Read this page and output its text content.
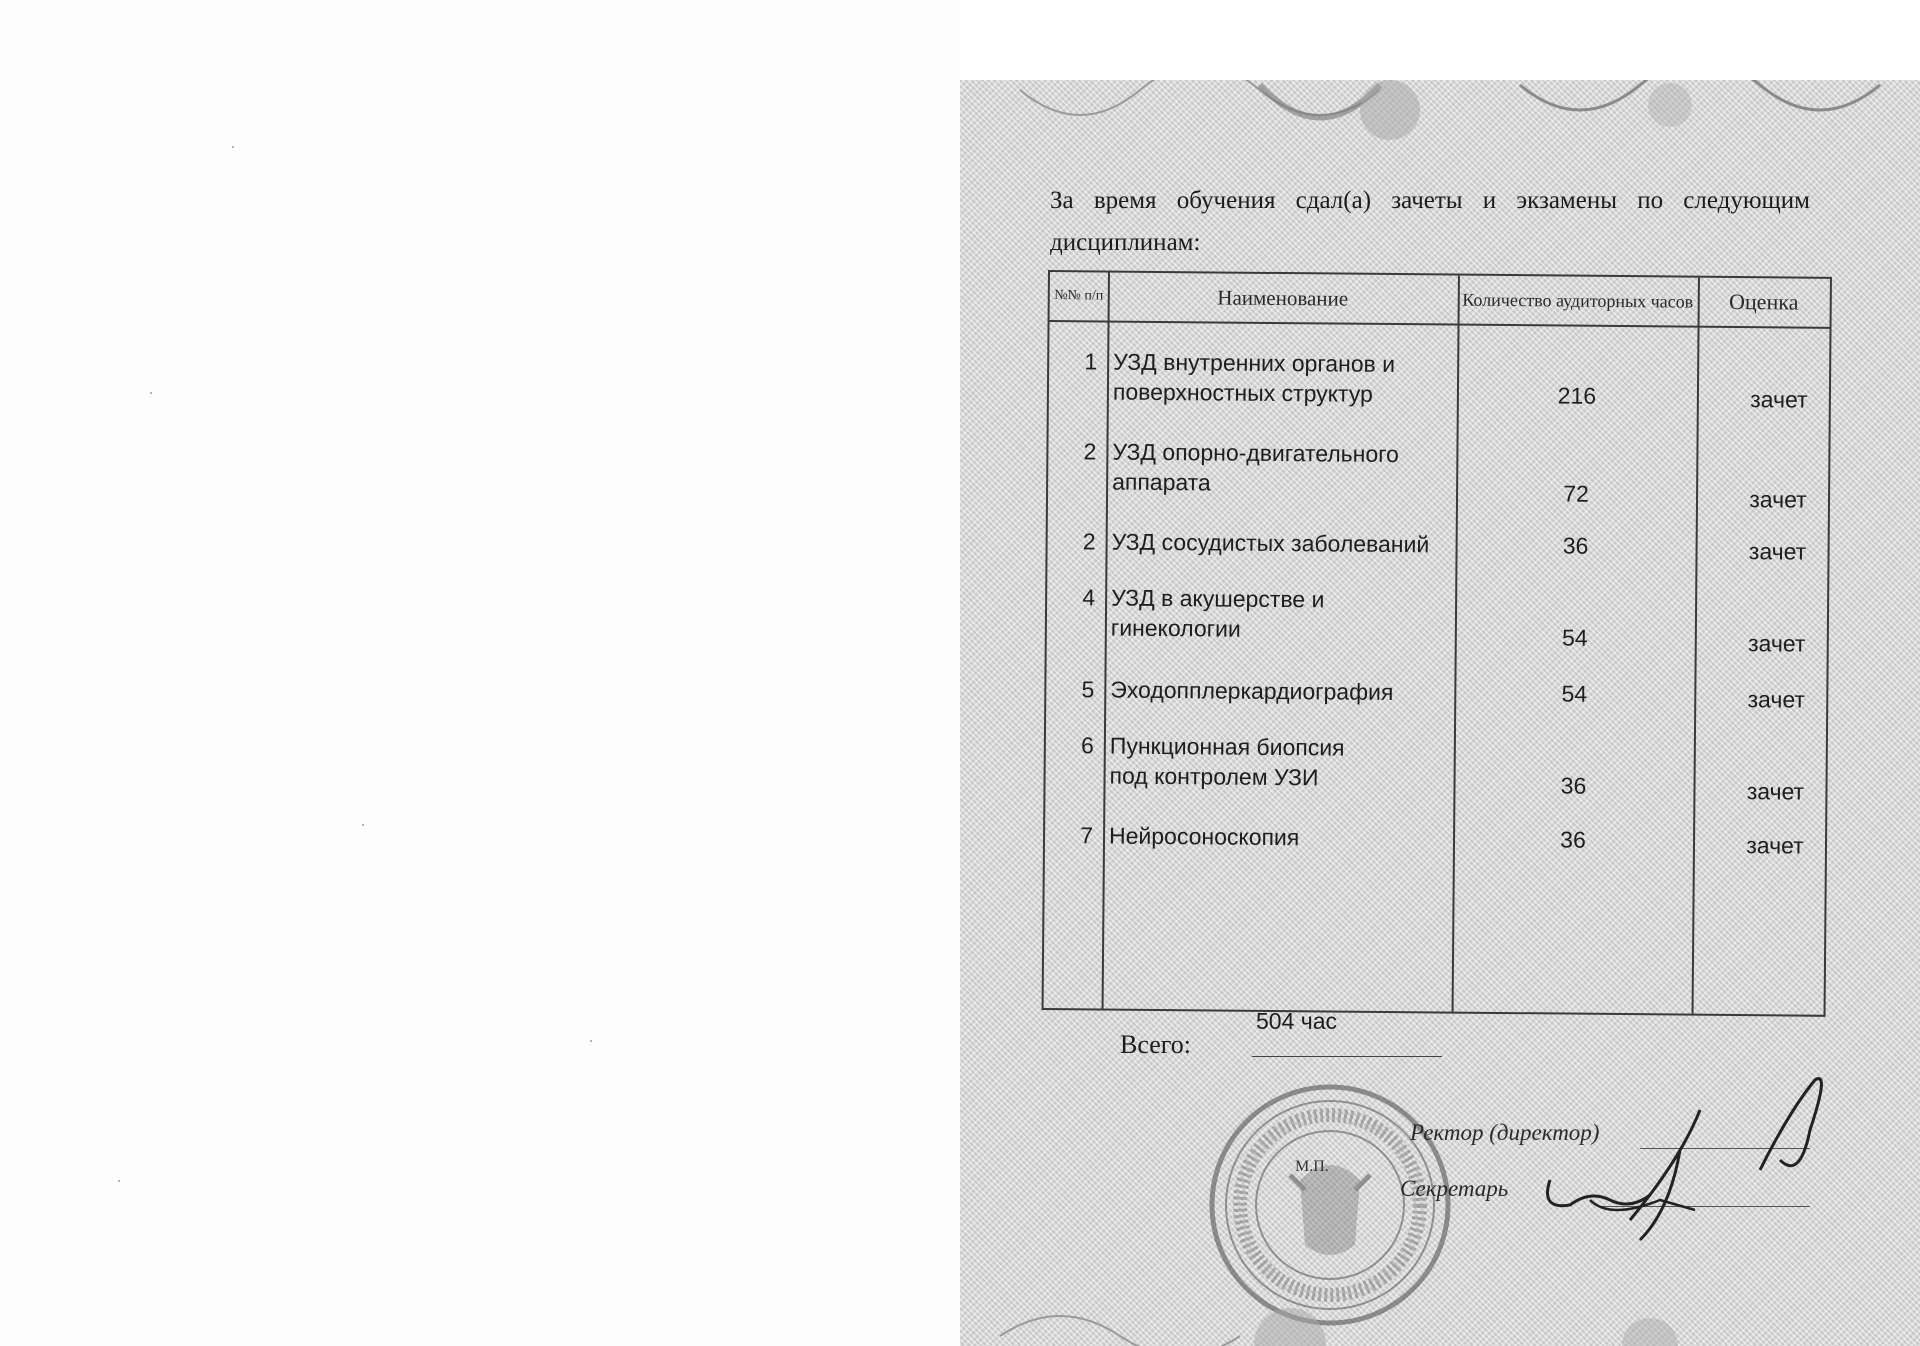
За время обучения сдал(а) зачеты и экзамены по следующим дисциплинам:
№№ п/п	Наименование	Количество аудиторных часов	Оценка
1 УЗД внутренних органов и
поверхностных структур	216	зачет
2 УЗД опорно-двигательного
аппарата	72	зачет
2 УЗД сосудистых заболеваний	36	зачет
4 УЗД в акушерстве и
гинекологии	54	зачет
5 Эходопплеркардиография	54	зачет
6 Пункционная биопсия
под контролем УЗИ	36	зачет
7 Нейросоноскопия	36	зачет
Всего:
504 час
Ректор (директор)
М.П.
Секретарь
